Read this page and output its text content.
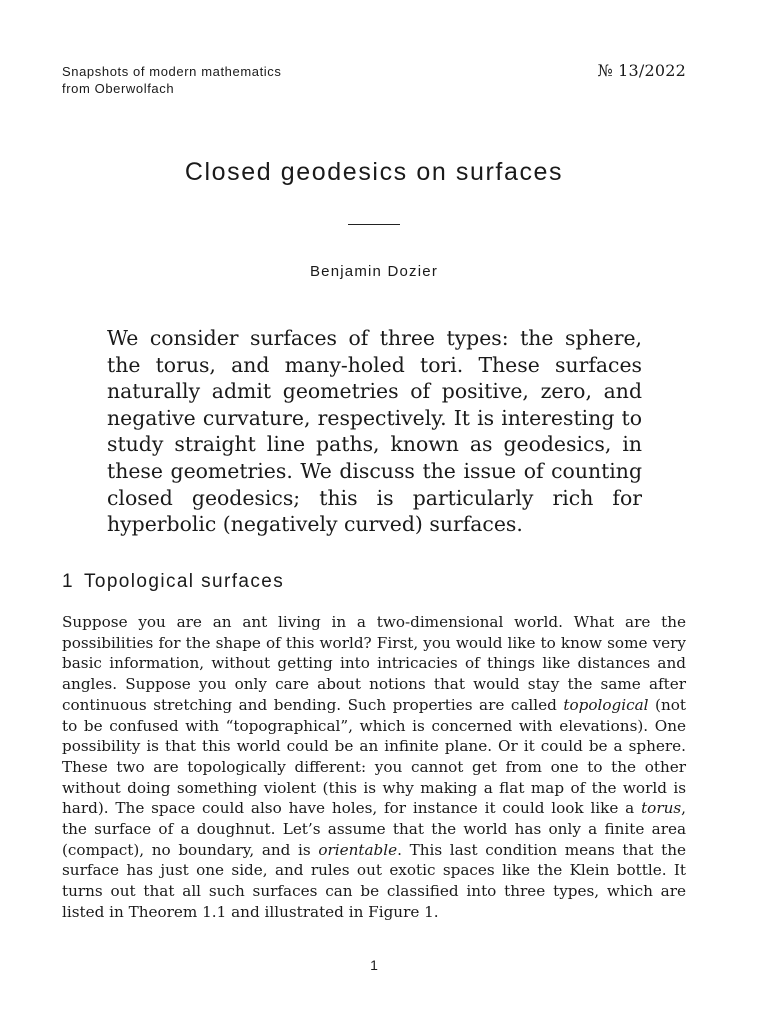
Snapshots of modern mathematics
from Oberwolfach
№ 13/2022
Closed geodesics on surfaces
Benjamin Dozier

We consider surfaces of three types: the sphere, the torus, and many-holed tori. These surfaces naturally admit geometries of positive, zero, and negative curvature, respectively. It is interesting to study straight line paths, known as geodesics, in these geometries. We discuss the issue of counting closed geodesics; this is particularly rich for hyperbolic (negatively curved) surfaces.

1 Topological surfaces

Suppose you are an ant living in a two-dimensional world. What are the possibilities for the shape of this world? First, you would like to know some very basic information, without getting into intricacies of things like distances and angles. Suppose you only care about notions that would stay the same after continuous stretching and bending. Such properties are called topological (not to be confused with “topographical”, which is concerned with elevations). One possibility is that this world could be an infinite plane. Or it could be a sphere. These two are topologically different: you cannot get from one to the other without doing something violent (this is why making a flat map of the world is hard). The space could also have holes, for instance it could look like a torus, the surface of a doughnut. Let’s assume that the world has only a finite area (compact), no boundary, and is orientable. This last condition means that the surface has just one side, and rules out exotic spaces like the Klein bottle. It turns out that all such surfaces can be classified into three types, which are listed in Theorem 1.1 and illustrated in Figure 1.

1
